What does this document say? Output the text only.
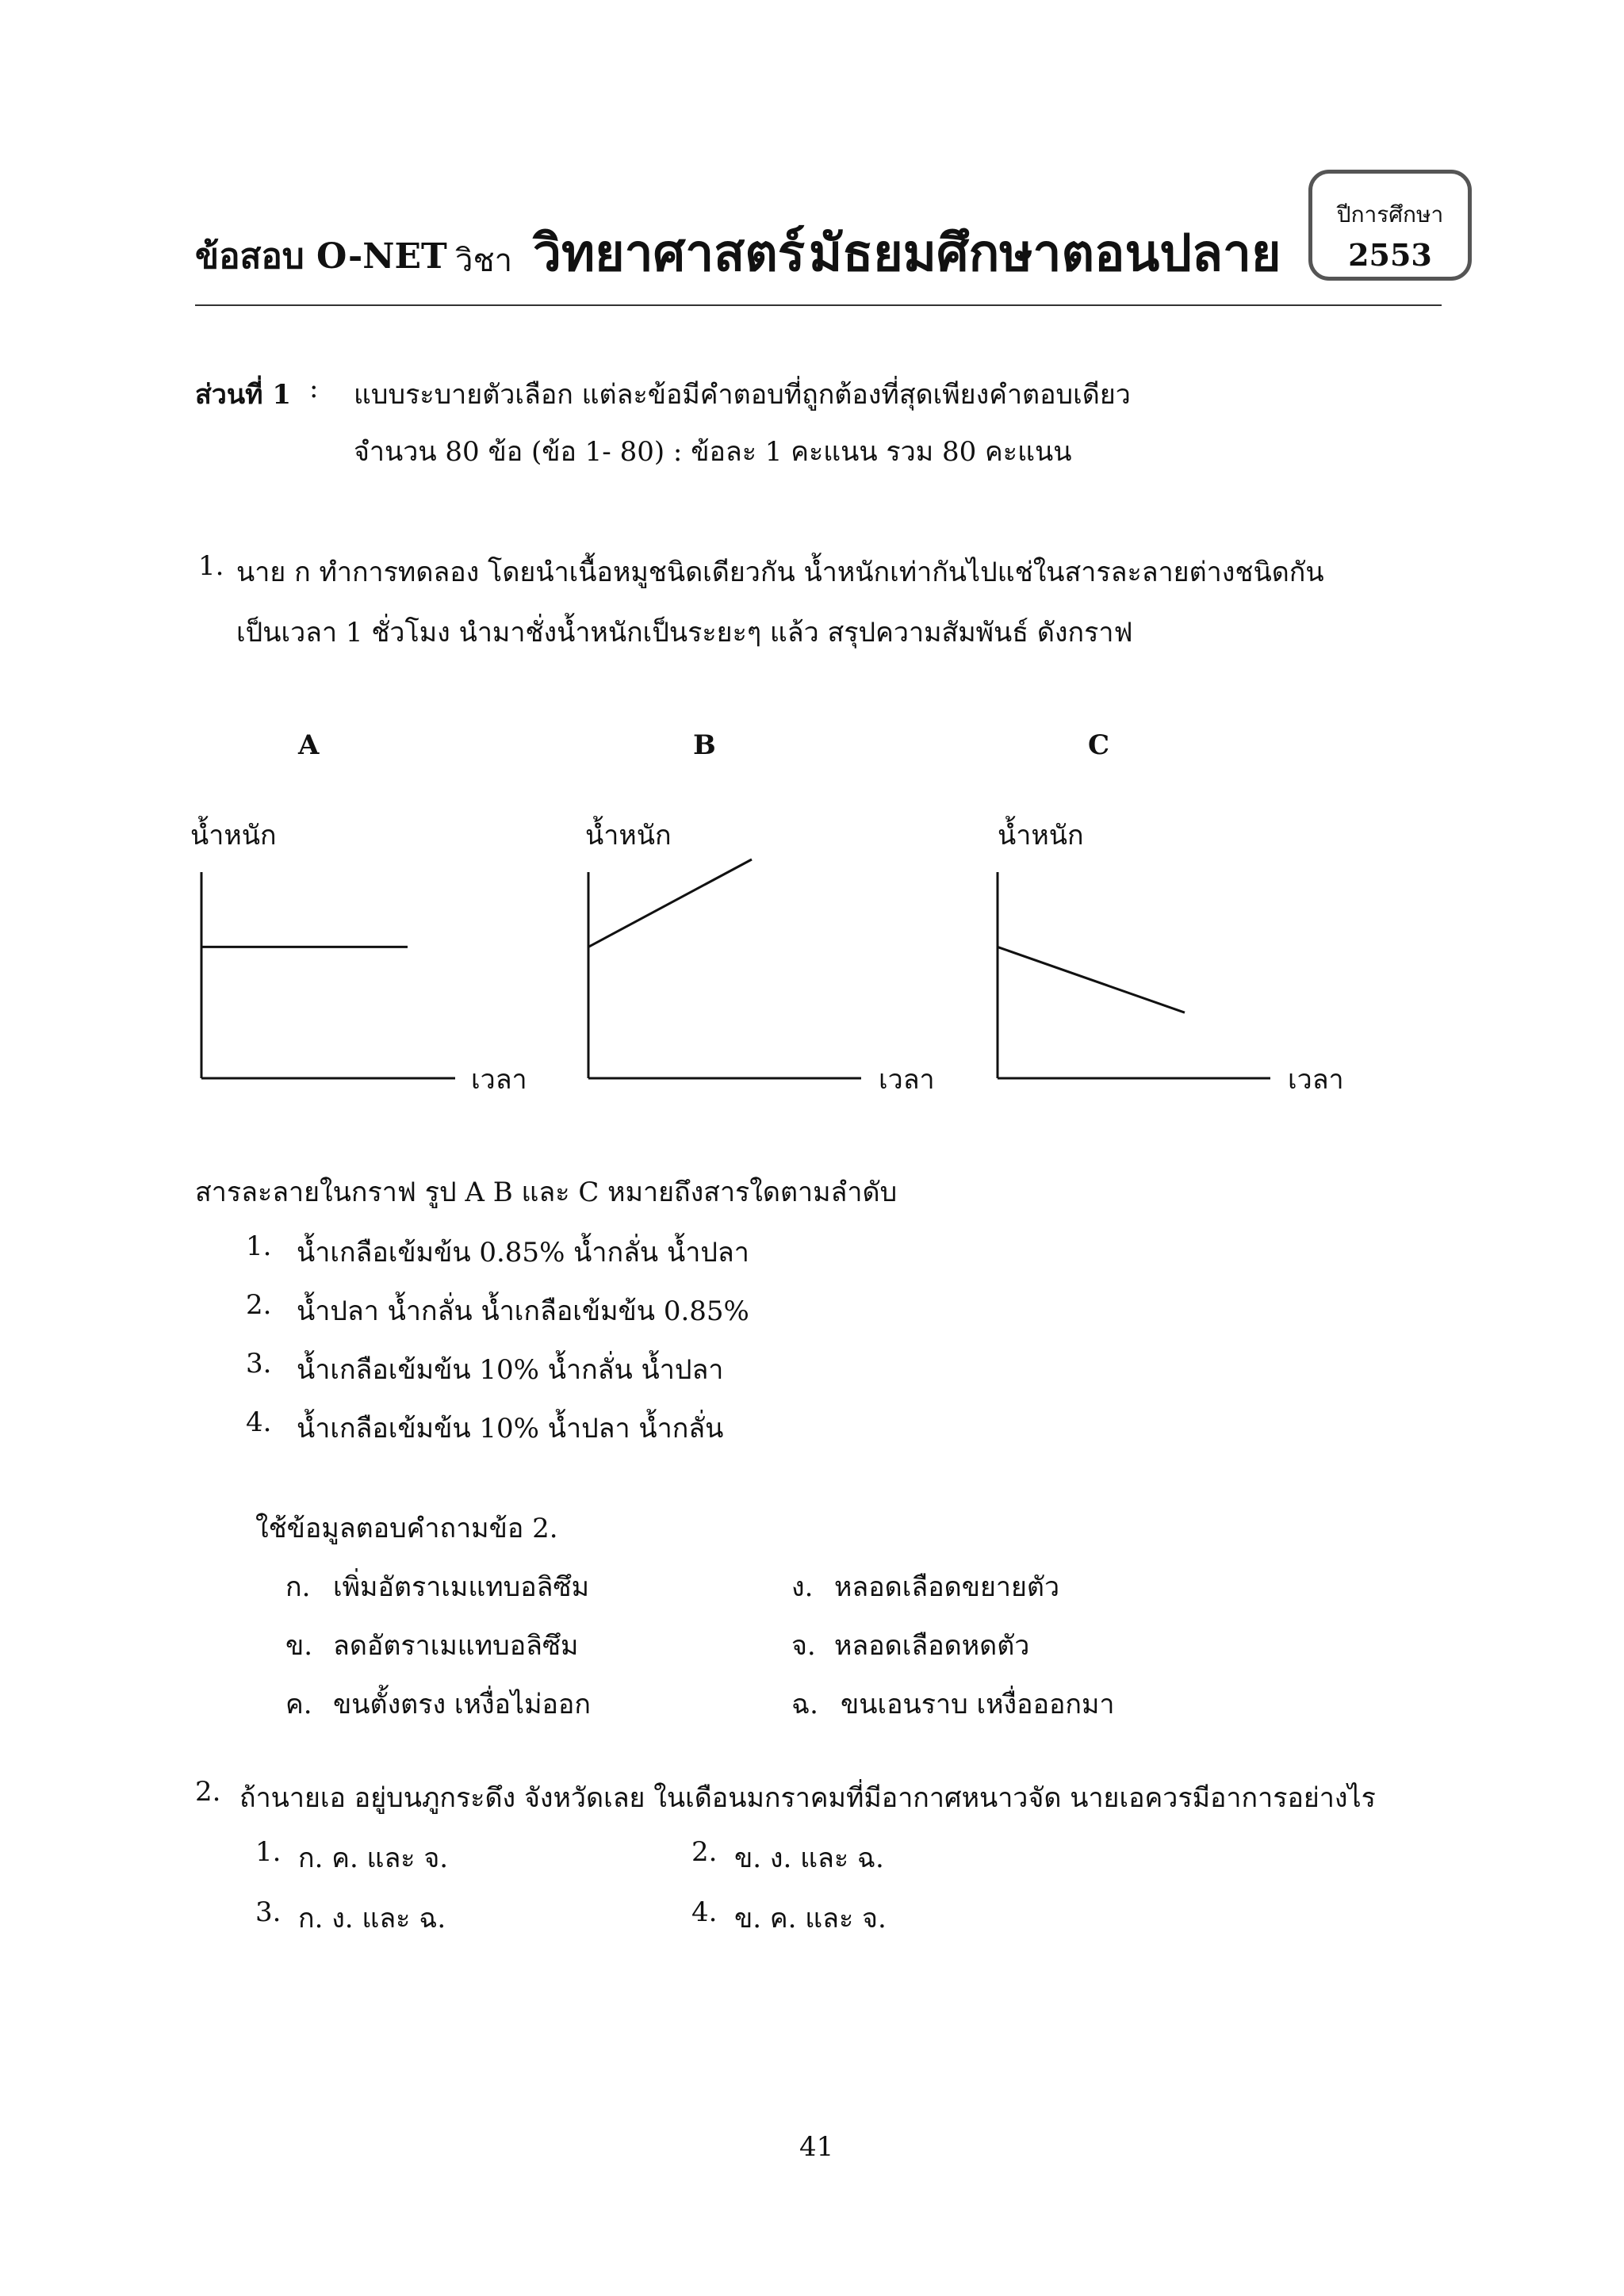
ข้อสอบ O-NET วิชา วิทยาศาสตร์ มัธยมศึกษาตอนปลาย
ปีการศึกษา
2553
ส่วนที่ 1 : แบบระบายตัวเลือก แต่ละข้อมีคำตอบที่ถูกต้องที่สุดเพียงคำตอบเดียว
จำนวน 80 ข้อ (ข้อ 1- 80) : ข้อละ 1 คะแนน รวม 80 คะแนน
1. นาย ก ทำการทดลอง โดยนำเนื้อหมูชนิดเดียวกัน น้ำหนักเท่ากันไปแช่ในสารละลายต่างชนิดกัน
เป็นเวลา 1 ชั่วโมง นำมาชั่งน้ำหนักเป็นระยะๆ แล้ว สรุปความสัมพันธ์ ดังกราฟ
A
น้ำหนัก
เวลา
B
น้ำหนัก
เวลา
C
น้ำหนัก
เวลา
สารละลายในกราฟ รูป A B และ C หมายถึงสารใดตามลำดับ
1. น้ำเกลือเข้มข้น 0.85% น้ำกลั่น น้ำปลา
2. น้ำปลา น้ำกลั่น น้ำเกลือเข้มข้น 0.85%
3. น้ำเกลือเข้มข้น 10% น้ำกลั่น น้ำปลา
4. น้ำเกลือเข้มข้น 10% น้ำปลา น้ำกลั่น
ใช้ข้อมูลตอบคำถามข้อ 2.
ก. เพิ่มอัตราเมแทบอลิซึม	ง. หลอดเลือดขยายตัว
ข. ลดอัตราเมแทบอลิซึม	จ. หลอดเลือดหดตัว
ค. ขนตั้งตรง เหงื่อไม่ออก	ฉ. ขนเอนราบ เหงื่อออกมา
2. ถ้านายเอ อยู่บนภูกระดึง จังหวัดเลย ในเดือนมกราคมที่มีอากาศหนาวจัด นายเอควรมีอาการอย่างไร
1. ก. ค. และ จ.	2. ข. ง. และ ฉ.
3. ก. ง. และ ฉ.	4. ข. ค. และ จ.
41
